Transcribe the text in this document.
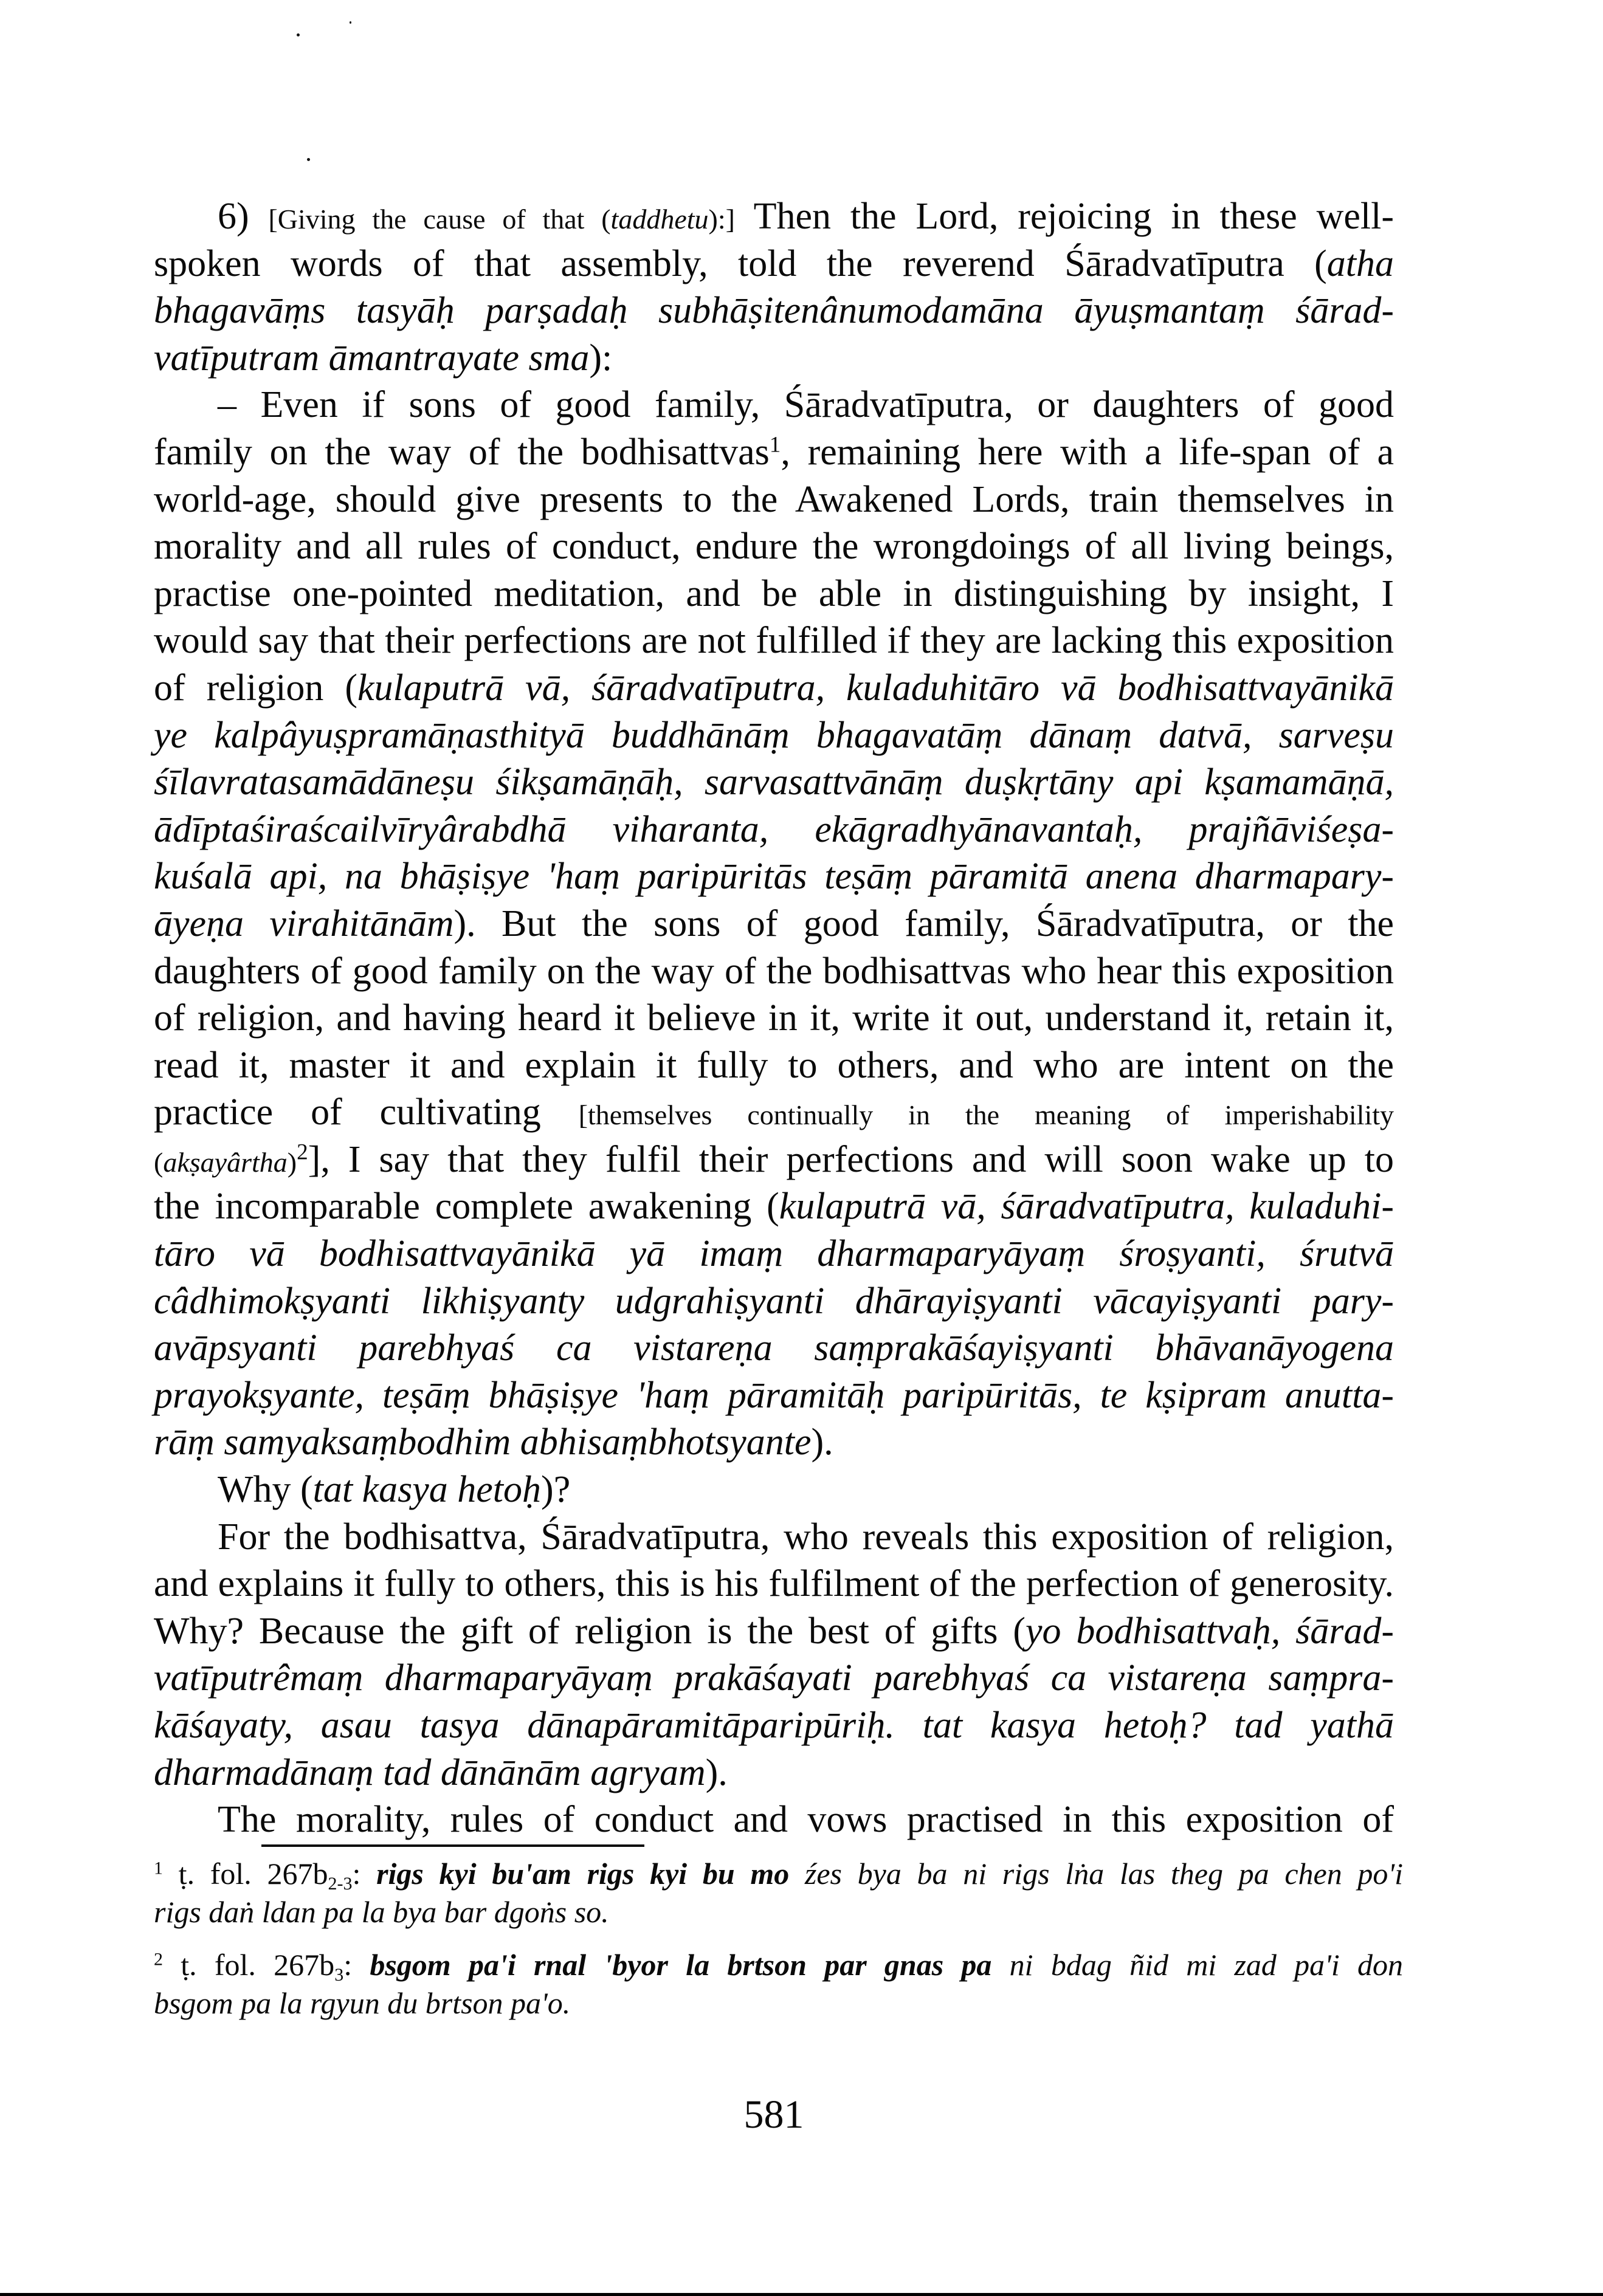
6) [Giving the cause of that (taddhetu):] Then the Lord, rejoicing in these well-
spoken words of that assembly, told the reverend Śāradvatīputra (atha
bhagavāṃs tasyāḥ parṣadaḥ subhāṣitenânumodamāna āyuṣmantaṃ śārad-
vatīputram āmantrayate sma):
– Even if sons of good family, Śāradvatīputra, or daughters of good
family on the way of the bodhisattvas$^1$, remaining here with a life-span of a
world-age, should give presents to the Awakened Lords, train themselves in
morality and all rules of conduct, endure the wrongdoings of all living beings,
practise one-pointed meditation, and be able in distinguishing by insight, I
would say that their perfections are not fulfilled if they are lacking this exposition
of religion (kulaputrā vā, śāradvatīputra, kuladuhitāro vā bodhisattvayānikā
ye kalpâyuṣpramāṇasthityā buddhānāṃ bhagavatāṃ dānaṃ datvā, sarveṣu
śīlavratasamādāneṣu śikṣamāṇāḥ, sarvasattvānāṃ duṣkṛtāny api kṣamamāṇā,
ādīptaśiraścailvīryârabdhā viharanta, ekāgradhyānavantaḥ, prajñāviśeṣa-
kuśalā api, na bhāṣiṣye 'haṃ paripūritās teṣāṃ pāramitā anena dharmapary-
āyeṇa virahitānām). But the sons of good family, Śāradvatīputra, or the
daughters of good family on the way of the bodhisattvas who hear this exposition
of religion, and having heard it believe in it, write it out, understand it, retain it,
read it, master it and explain it fully to others, and who are intent on the
practice of cultivating [themselves continually in the meaning of imperishability
(akṣayârtha)$^2$], I say that they fulfil their perfections and will soon wake up to
the incomparable complete awakening (kulaputrā vā, śāradvatīputra, kuladuhi-
tāro vā bodhisattvayānikā yā imaṃ dharmaparyāyaṃ śroṣyanti, śrutvā
câdhimokṣyanti likhiṣyanty udgrahiṣyanti dhārayiṣyanti vācayiṣyanti pary-
avāpsyanti parebhyaś ca vistareṇa saṃprakāśayiṣyanti bhāvanāyogena
prayokṣyante, teṣāṃ bhāṣiṣye 'haṃ pāramitāḥ paripūritās, te kṣipram anutta-
rāṃ samyaksaṃbodhim abhisaṃbhotsyante).
Why (tat kasya hetoḥ)?
For the bodhisattva, Śāradvatīputra, who reveals this exposition of religion,
and explains it fully to others, this is his fulfilment of the perfection of generosity.
Why? Because the gift of religion is the best of gifts (yo bodhisattvaḥ, śārad-
vatīputrêmaṃ dharmaparyāyaṃ prakāśayati parebhyaś ca vistareṇa saṃpra-
kāśayaty, asau tasya dānapāramitāparipūriḥ. tat kasya hetoḥ? tad yathā
dharmadānaṃ tad dānānām agryam).
The morality, rules of conduct and vows practised in this exposition of
$^1$ ṭ. fol. $267b_{2-3}$: rigs kyi bu'am rigs kyi bu mo źes bya ba ni rigs lṅa las theg pa chen po'i
rigs daṅ ldan pa la bya bar dgoṅs so.
$^2$ ṭ. fol. $267b_3$: bsgom pa'i rnal 'byor la brtson par gnas pa ni bdag ñid mi zad pa'i don
bsgom pa la rgyun du brtson pa'o.
581
